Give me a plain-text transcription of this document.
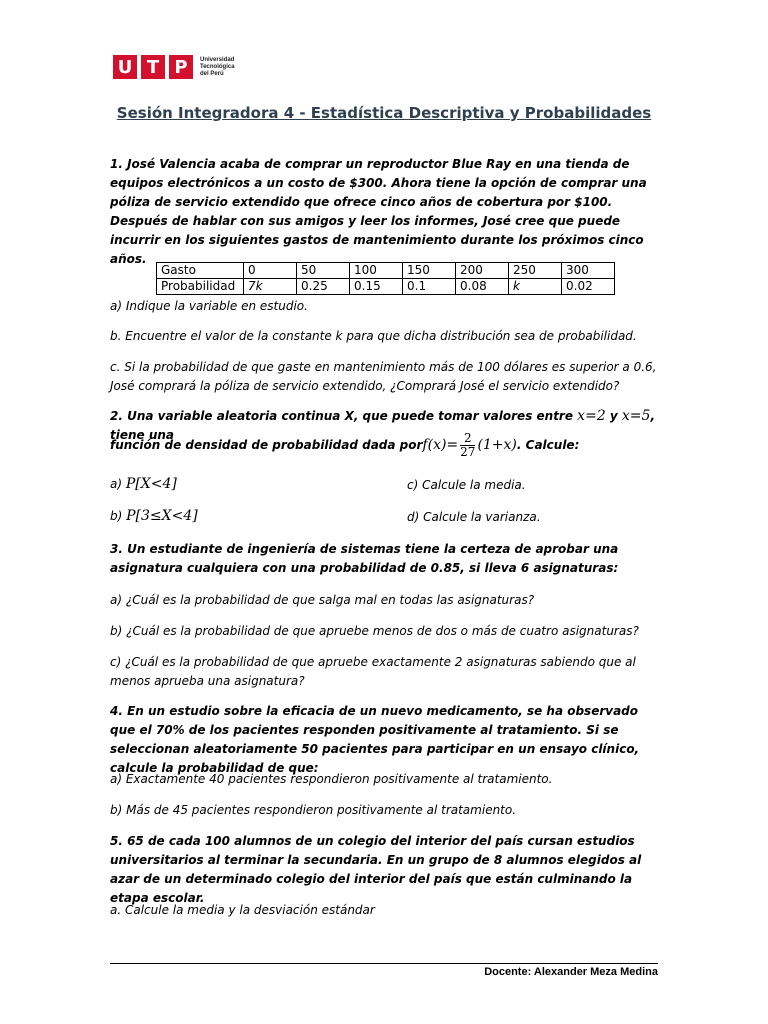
U T P	Universidad
Tecnológica
del Perú
Sesión Integradora 4 - Estadística Descriptiva y Probabilidades
1. José Valencia acaba de comprar un reproductor Blue Ray en una tienda de equipos electrónicos a un costo de $300. Ahora tiene la opción de comprar una póliza de servicio extendido que ofrece cinco años de cobertura por $100. Después de hablar con sus amigos y leer los informes, José cree que puede incurrir en los siguientes gastos de mantenimiento durante los próximos cinco años.
Gasto	0	50	100	150	200	250	300
Probabilidad	7k	0.25	0.15	0.1	0.08	k	0.02
a) Indique la variable en estudio.
b. Encuentre el valor de la constante k para que dicha distribución sea de probabilidad.
c. Si la probabilidad de que gaste en mantenimiento más de 100 dólares es superior a 0.6, José comprará la póliza de servicio extendido, ¿Comprará José el servicio extendido?
2. Una variable aleatoria continua X, que puede tomar valores entre x=2 y x=5, tiene una
función de densidad de probabilidad dada porf(x)= $\frac{2}{27} (1+x)$. Calcule:
a) P[X<4]	c) Calcule la media.
b) P[3≤X<4]	d) Calcule la varianza.
3. Un estudiante de ingeniería de sistemas tiene la certeza de aprobar una asignatura cualquiera con una probabilidad de 0.85, si lleva 6 asignaturas:
a) ¿Cuál es la probabilidad de que salga mal en todas las asignaturas?
b) ¿Cuál es la probabilidad de que apruebe menos de dos o más de cuatro asignaturas?
c) ¿Cuál es la probabilidad de que apruebe exactamente 2 asignaturas sabiendo que al menos aprueba una asignatura?
4. En un estudio sobre la eficacia de un nuevo medicamento, se ha observado que el 70% de los pacientes responden positivamente al tratamiento. Si se seleccionan aleatoriamente 50 pacientes para participar en un ensayo clínico, calcule la probabilidad de que:
a) Exactamente 40 pacientes respondieron positivamente al tratamiento.
b) Más de 45 pacientes respondieron positivamente al tratamiento.
5. 65 de cada 100 alumnos de un colegio del interior del país cursan estudios universitarios al terminar la secundaria. En un grupo de 8 alumnos elegidos al azar de un determinado colegio del interior del país que están culminando la etapa escolar.
a. Calcule la media y la desviación estándar
Docente: Alexander Meza Medina
